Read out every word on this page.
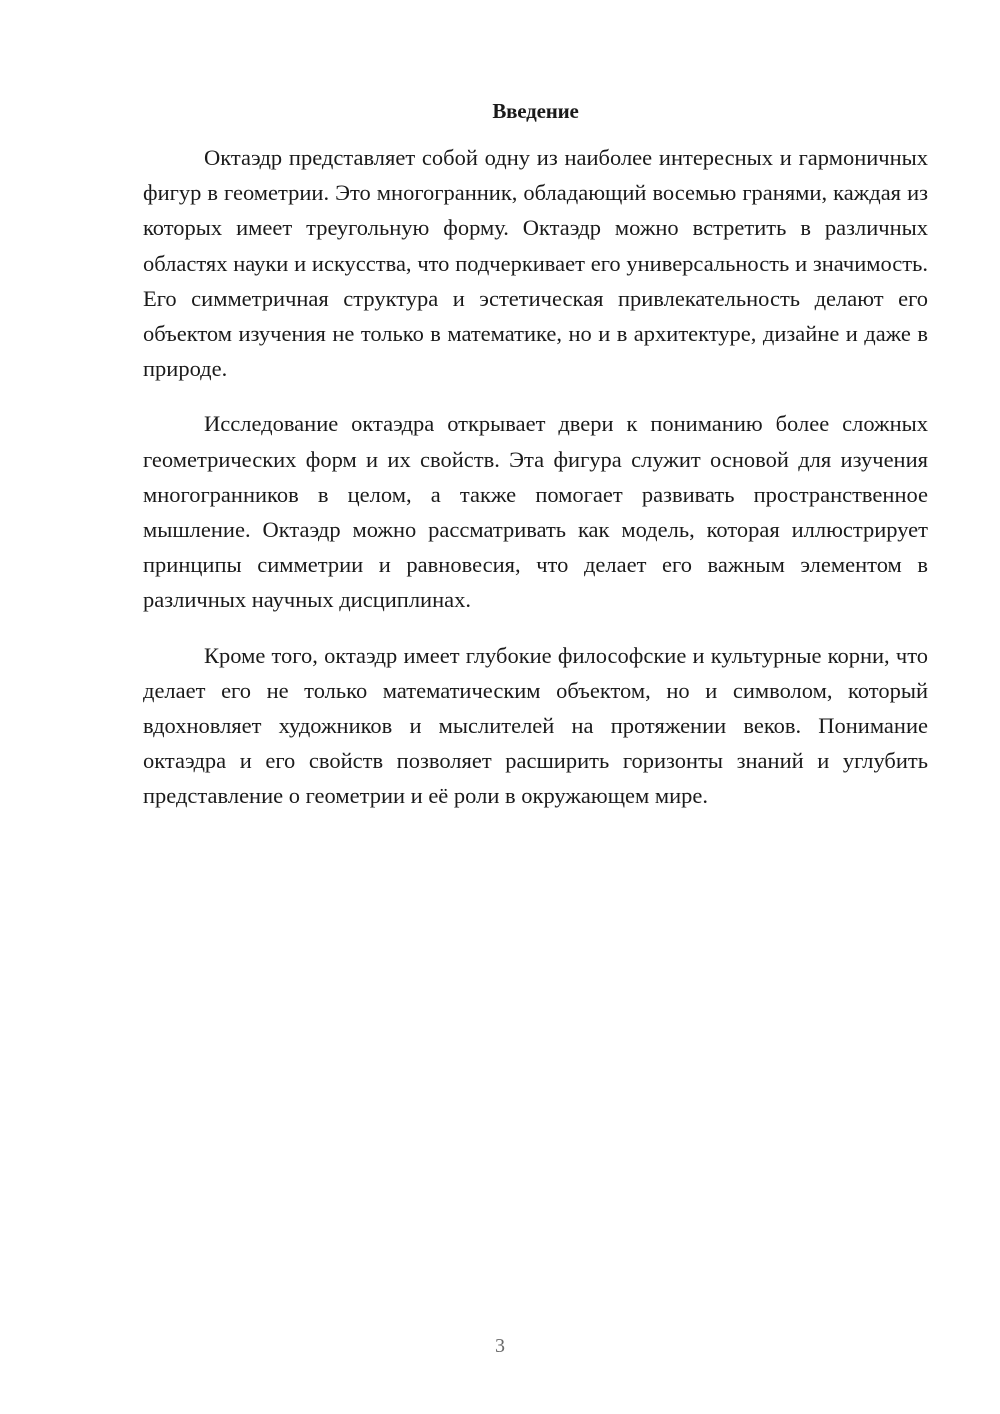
Введение

Октаэдр представляет собой одну из наиболее интересных и гармоничных фигур в геометрии. Это многогранник, обладающий восемью гранями, каждая из которых имеет треугольную форму. Октаэдр можно встретить в различных областях науки и искусства, что подчеркивает его универсальность и значимость. Его симметричная структура и эстетическая привлекательность делают его объектом изучения не только в математике, но и в архитектуре, дизайне и даже в природе.

Исследование октаэдра открывает двери к пониманию более сложных геометрических форм и их свойств. Эта фигура служит основой для изучения многогранников в целом, а также помогает развивать пространственное мышление. Октаэдр можно рассматривать как модель, которая иллюстрирует принципы симметрии и равновесия, что делает его важным элементом в различных научных дисциплинах.

Кроме того, октаэдр имеет глубокие философские и культурные корни, что делает его не только математическим объектом, но и символом, который вдохновляет художников и мыслителей на протяжении веков. Понимание октаэдра и его свойств позволяет расширить горизонты знаний и углубить представление о геометрии и её роли в окружающем мире.

3
